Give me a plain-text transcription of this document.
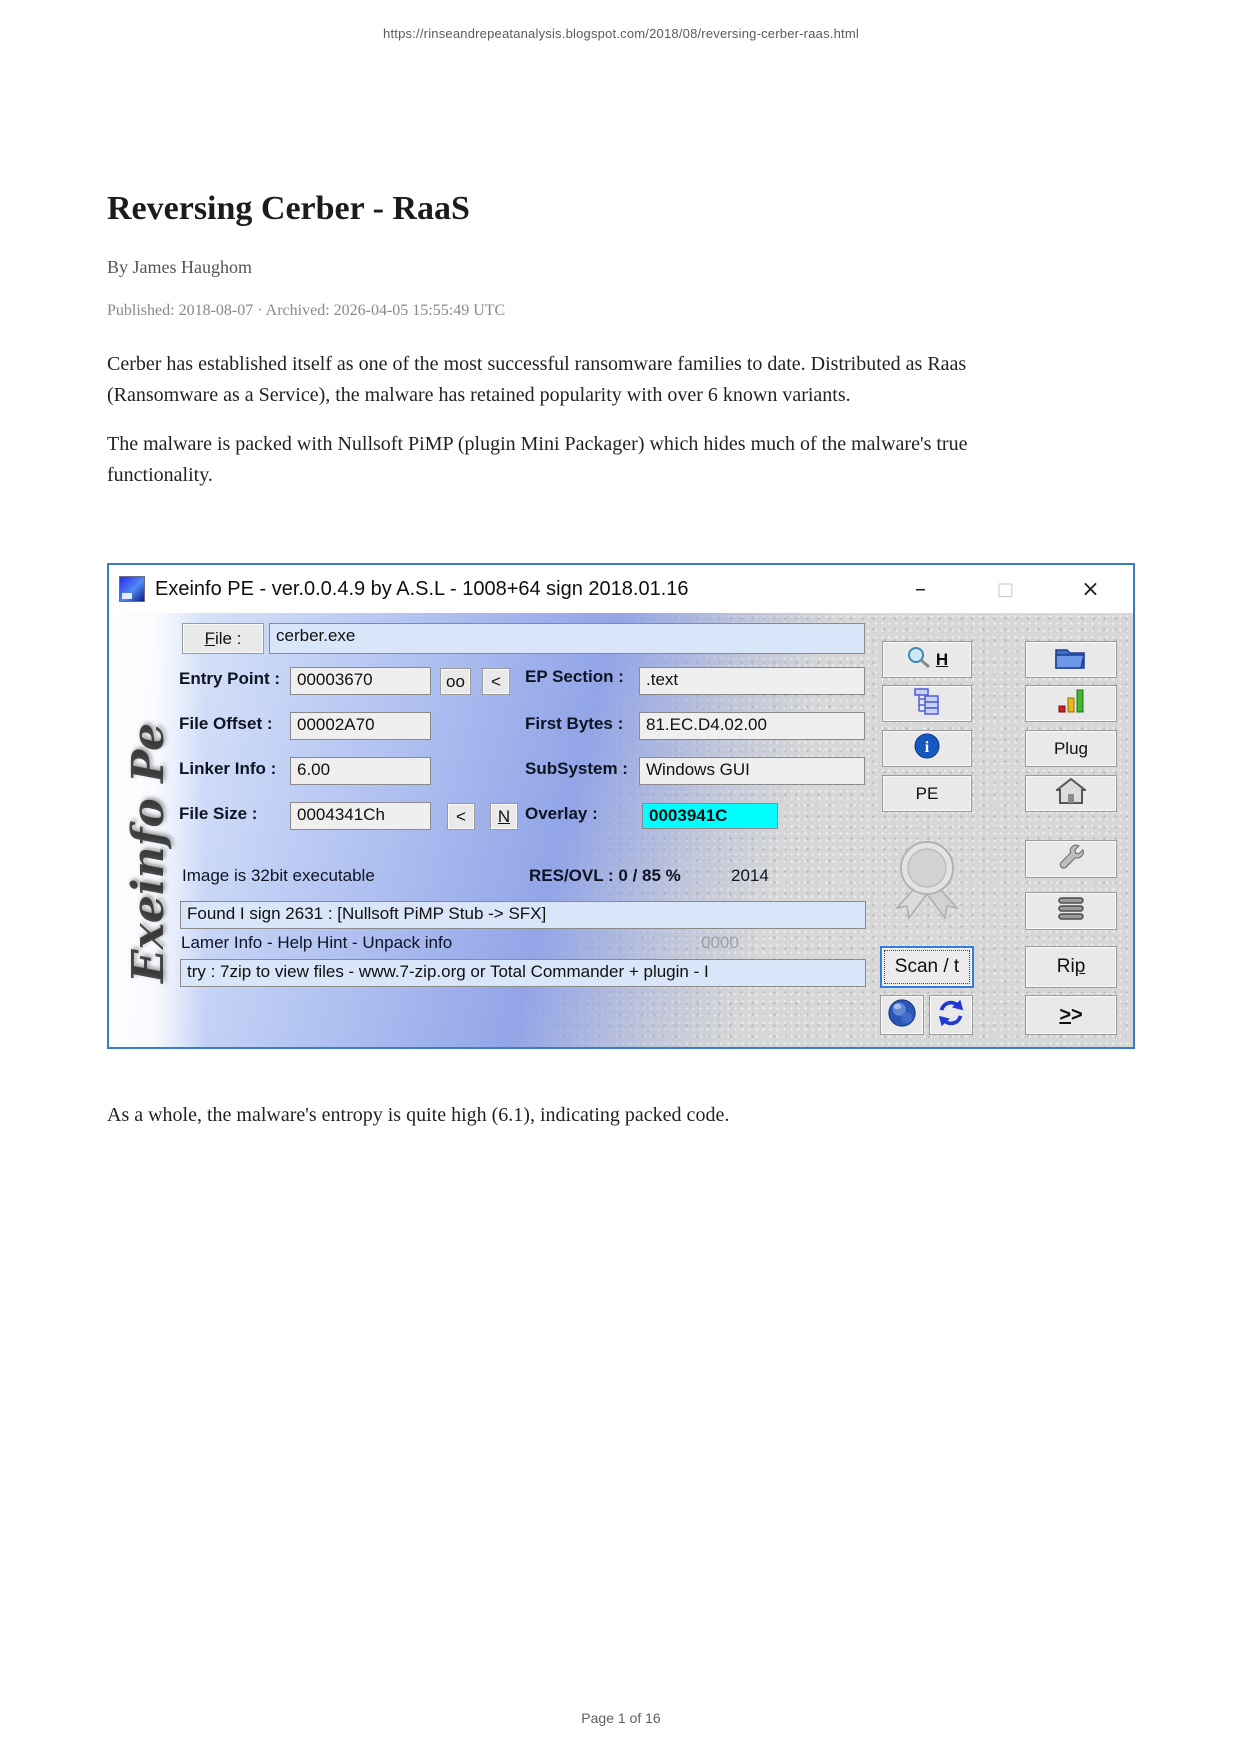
https://rinseandrepeatanalysis.blogspot.com/2018/08/reversing-cerber-raas.html
Reversing Cerber - RaaS
By James Haughom
Published: 2018-08-07 · Archived: 2026-04-05 15:55:49 UTC

Cerber has established itself as one of the most successful ransomware families to date. Distributed as Raas (Ransomware as a Service), the malware has retained popularity with over 6 known variants.

The malware is packed with Nullsoft PiMP (plugin Mini Packager) which hides much of the malware's true functionality.

Exeinfo PE - ver.0.0.4.9 by A.S.L - 1008+64 sign 2018.01.16	–	□	×
Exeinfo Pe
F ile :	cerber.exe
Entry Point : 00003670	oo	<	EP Section :	.text
File Offset :	00002A70	First Bytes :	81.EC.D4.02.00
Linker Info :	6.00	SubSystem :	Windows GUI
File Size :	0004341Ch	<	N Overlay :	0003941C
Image is 32bit executable	RES/OVL : 0 / 85 %	2014
Found I sign 2631 : [Nullsoft PiMP Stub -> SFX]
Lamer Info - Help Hint - Unpack info	0000
try : 7zip to view files - www.7-zip.org or Total Commander + plugin - I
H
i
PE
Scan / t
Plu g
Ri p
> >

As a whole, the malware's entropy is quite high (6.1), indicating packed code.

Page 1 of 16
